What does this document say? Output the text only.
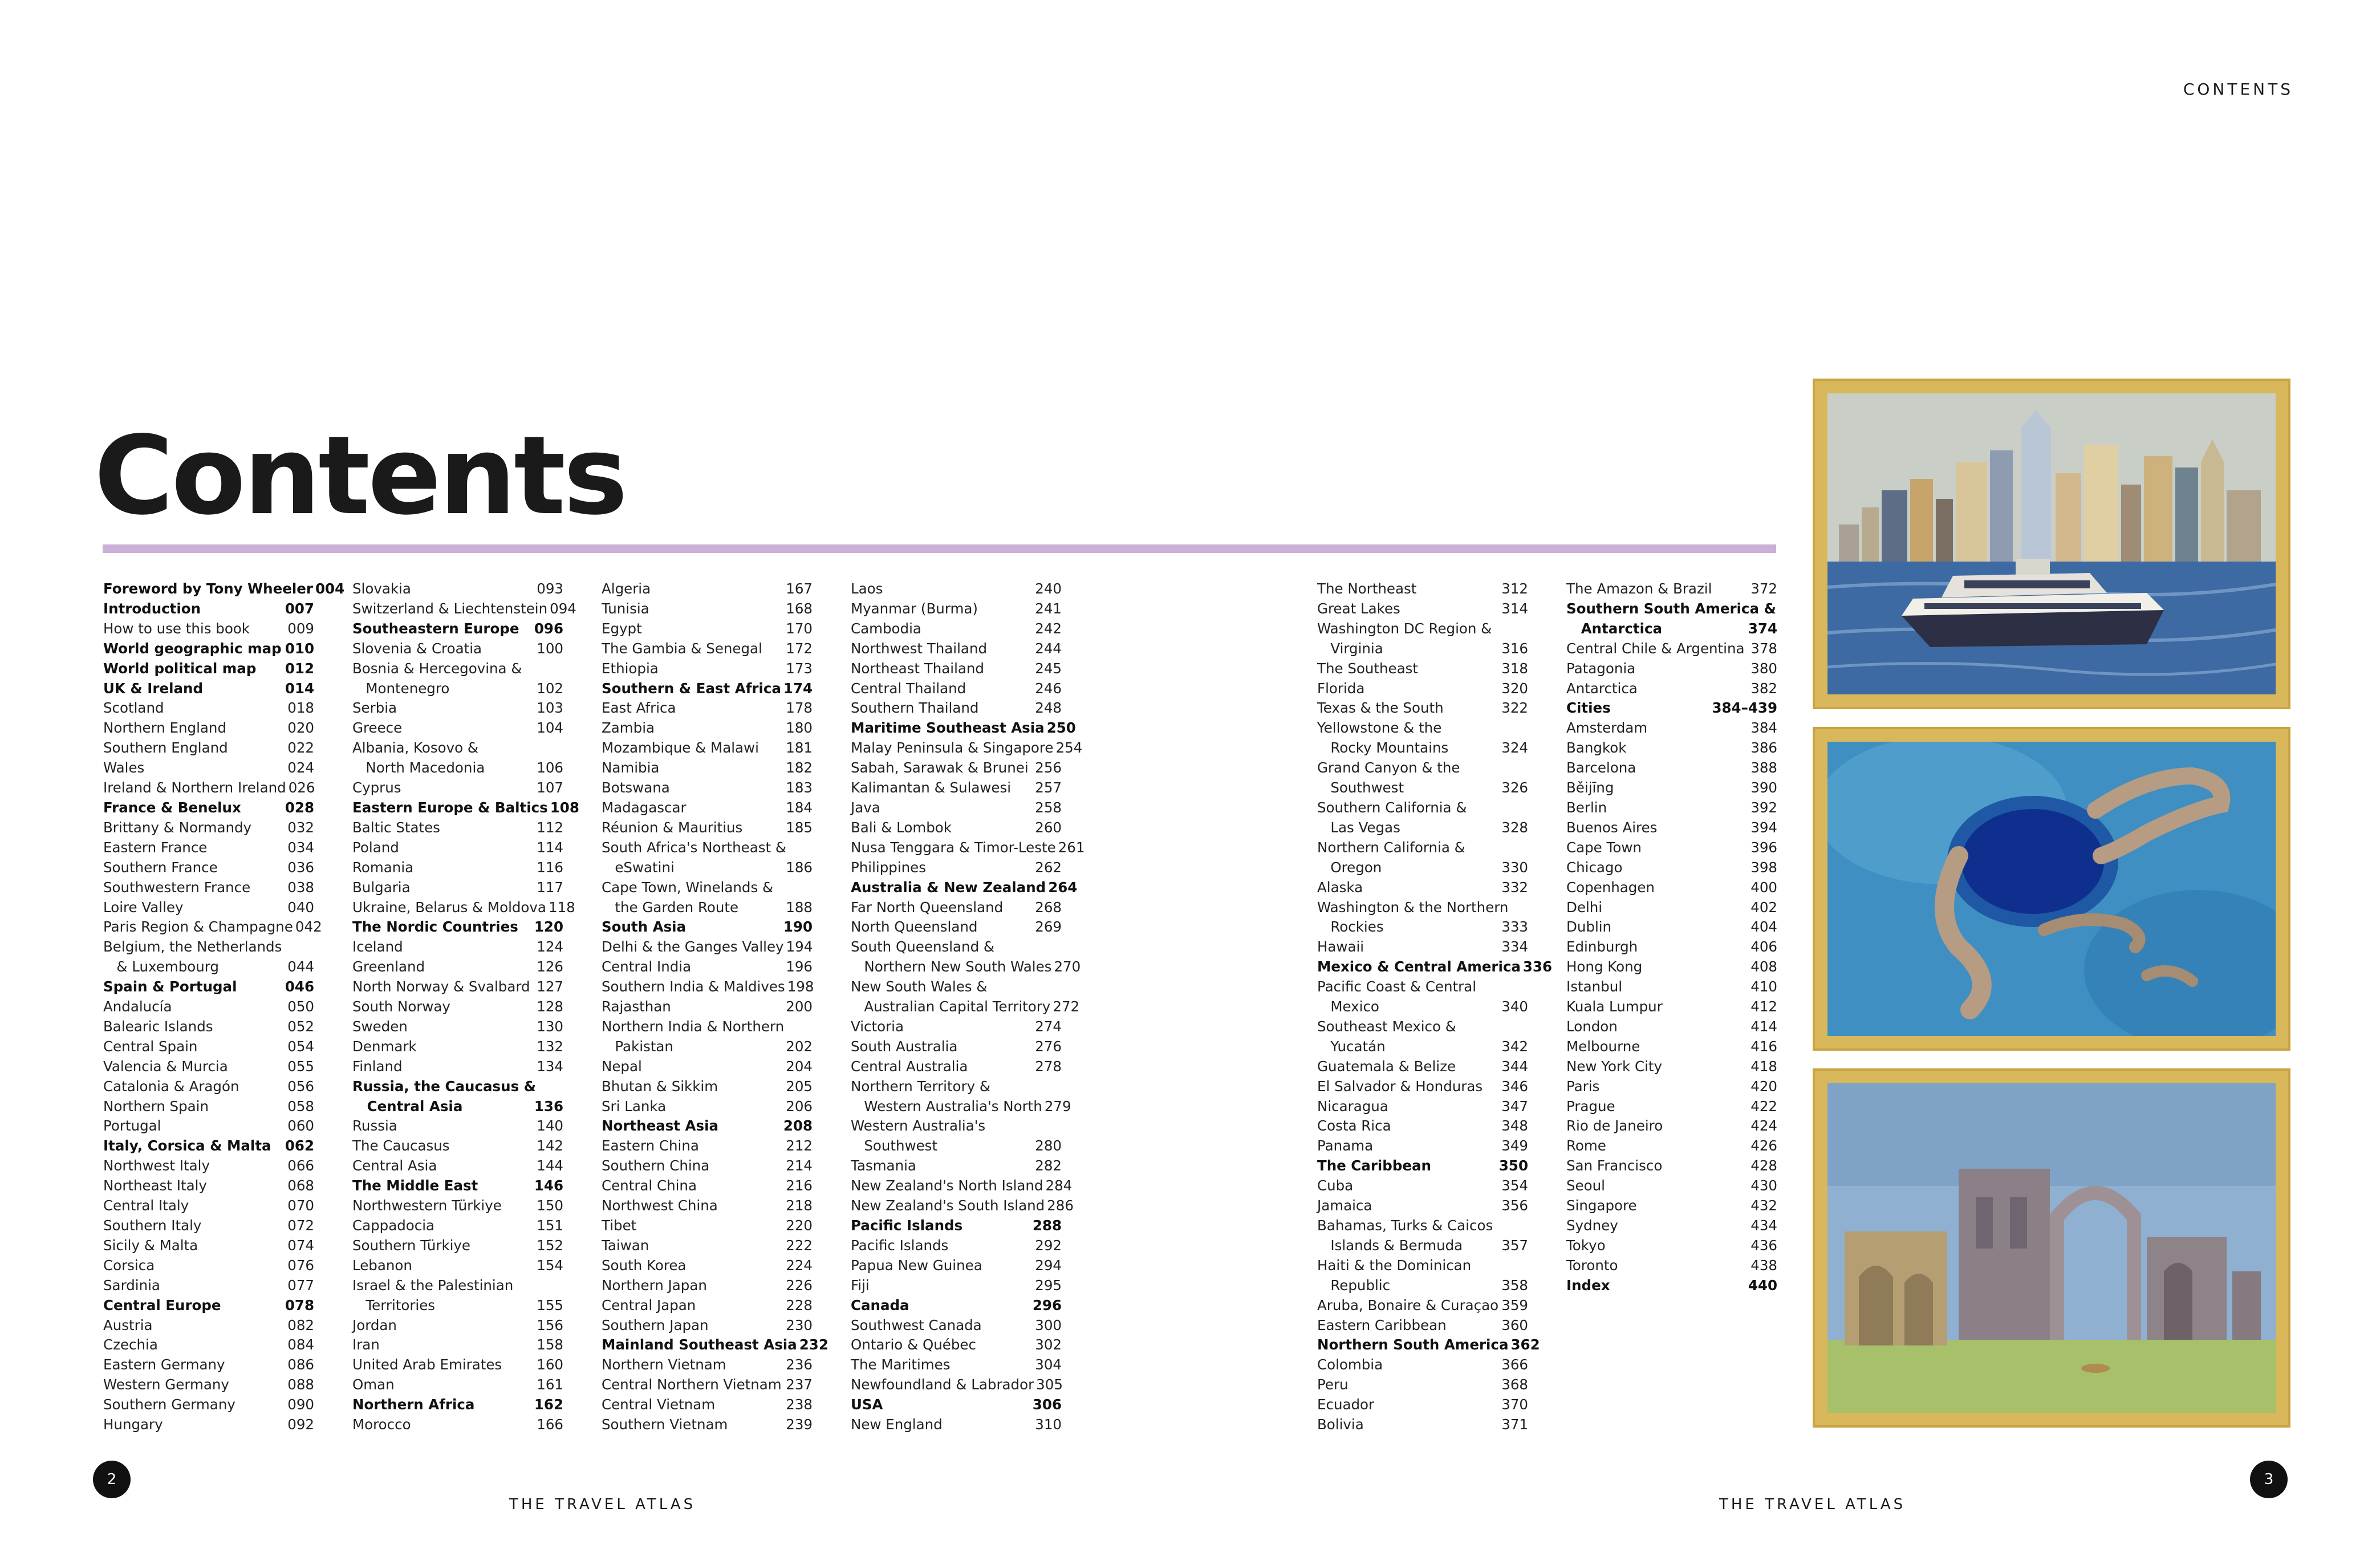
CONTENTS
Contents
Foreword by Tony Wheeler 004
Introduction	007
How to use this book	009
World geographic map 010
World political map 012
UK & Ireland	014
Scotland	018
Northern England	020
Southern England	022
Wales	024
Ireland & Northern Ireland 026
France & Benelux	028
Brittany & Normandy	032
Eastern France	034
Southern France	036
Southwestern France	038
Loire Valley	040
Paris Region & Champagne 042
Belgium, the Netherlands
& Luxembourg	044
Spain & Portugal	046
Andalucía	050
Balearic Islands	052
Central Spain	054
Valencia & Murcia	055
Catalonia & Aragón	056
Northern Spain	058
Portugal	060
Italy, Corsica & Malta 062
Northwest Italy	066
Northeast Italy	068
Central Italy	070
Southern Italy	072
Sicily & Malta	074
Corsica	076
Sardinia	077
Central Europe	078
Austria	082
Czechia	084
Eastern Germany	086
Western Germany	088
Southern Germany	090
Hungary	092
Slovakia	093
Switzerland & Liechtenstein 094
Southeastern Europe 096
Slovenia & Croatia	100
Bosnia & Hercegovina &
Montenegro	102
Serbia	103
Greece	104
Albania, Kosovo &
North Macedonia	106
Cyprus	107
Eastern Europe & Baltics 108
Baltic States	112
Poland	114
Romania	116
Bulgaria	117
Ukraine, Belarus & Moldova 118
The Nordic Countries 120
Iceland	124
Greenland	126
North Norway & Svalbard 127
South Norway	128
Sweden	130
Denmark	132
Finland	134
Russia, the Caucasus &
Central Asia	136
Russia	140
The Caucasus	142
Central Asia	144
The Middle East	146
Northwestern Türkiye	150
Cappadocia	151
Southern Türkiye	152
Lebanon	154
Israel & the Palestinian
Territories	155
Jordan	156
Iran	158
United Arab Emirates 160
Oman	161
Northern Africa	162
Morocco	166
Algeria	167
Tunisia	168
Egypt	170
The Gambia & Senegal 172
Ethiopia	173
Southern & East Africa 174
East Africa	178
Zambia	180
Mozambique & Malawi 181
Namibia	182
Botswana	183
Madagascar	184
Réunion & Mauritius	185
South Africa's Northeast &
eSwatini	186
Cape Town, Winelands &
the Garden Route	188
South Asia	190
Delhi & the Ganges Valley 194
Central India	196
Southern India & Maldives 198
Rajasthan	200
Northern India & Northern
Pakistan	202
Nepal	204
Bhutan & Sikkim	205
Sri Lanka	206
Northeast Asia	208
Eastern China	212
Southern China	214
Central China	216
Northwest China	218
Tibet	220
Taiwan	222
South Korea	224
Northern Japan	226
Central Japan	228
Southern Japan	230
Mainland Southeast Asia 232
Northern Vietnam	236
Central Northern Vietnam 237
Central Vietnam	238
Southern Vietnam	239
Laos	240
Myanmar (Burma)	241
Cambodia	242
Northwest Thailand	244
Northeast Thailand	245
Central Thailand	246
Southern Thailand	248
Maritime Southeast Asia 250
Malay Peninsula & Singapore 254
Sabah, Sarawak & Brunei 256
Kalimantan & Sulawesi 257
Java	258
Bali & Lombok	260
Nusa Tenggara & Timor-Leste 261
Philippines	262
Australia & New Zealand 264
Far North Queensland 268
North Queensland	269
South Queensland &
Northern New South Wales 270
New South Wales &
Australian Capital Territory 272
Victoria	274
South Australia	276
Central Australia	278
Northern Territory &
Western Australia's North 279
Western Australia's
Southwest	280
Tasmania	282
New Zealand's North Island 284
New Zealand's South Island 286
Pacific Islands	288
Pacific Islands	292
Papua New Guinea	294
Fiji	295
Canada	296
Southwest Canada	300
Ontario & Québec	302
The Maritimes	304
Newfoundland & Labrador 305
USA	306
New England	310
The Northeast	312
Great Lakes	314
Washington DC Region &
Virginia	316
The Southeast	318
Florida	320
Texas & the South	322
Yellowstone & the
Rocky Mountains	324
Grand Canyon & the
Southwest	326
Southern California &
Las Vegas	328
Northern California &
Oregon	330
Alaska	332
Washington & the Northern
Rockies	333
Hawaii	334
Mexico & Central America 336
Pacific Coast & Central
Mexico	340
Southeast Mexico &
Yucatán	342
Guatemala & Belize	344
El Salvador & Honduras 346
Nicaragua	347
Costa Rica	348
Panama	349
The Caribbean	350
Cuba	354
Jamaica	356
Bahamas, Turks & Caicos
Islands & Bermuda	357
Haiti & the Dominican
Republic	358
Aruba, Bonaire & Curaçao 359
Eastern Caribbean	360
Northern South America 362
Colombia	366
Peru	368
Ecuador	370
Bolivia	371
The Amazon & Brazil	372
Southern South America &
Antarctica	374
Central Chile & Argentina 378
Patagonia	380
Antarctica	382
Cities	384–439
Amsterdam	384
Bangkok	386
Barcelona	388
Běijīng	390
Berlin	392
Buenos Aires	394
Cape Town	396
Chicago	398
Copenhagen	400
Delhi	402
Dublin	404
Edinburgh	406
Hong Kong	408
Istanbul	410
Kuala Lumpur	412
London	414
Melbourne	416
New York City	418
Paris	420
Prague	422
Rio de Janeiro	424
Rome	426
San Francisco	428
Seoul	430
Singapore	432
Sydney	434
Tokyo	436
Toronto	438
Index	440
2	3
THE TRAVEL ATLAS	THE TRAVEL ATLAS
